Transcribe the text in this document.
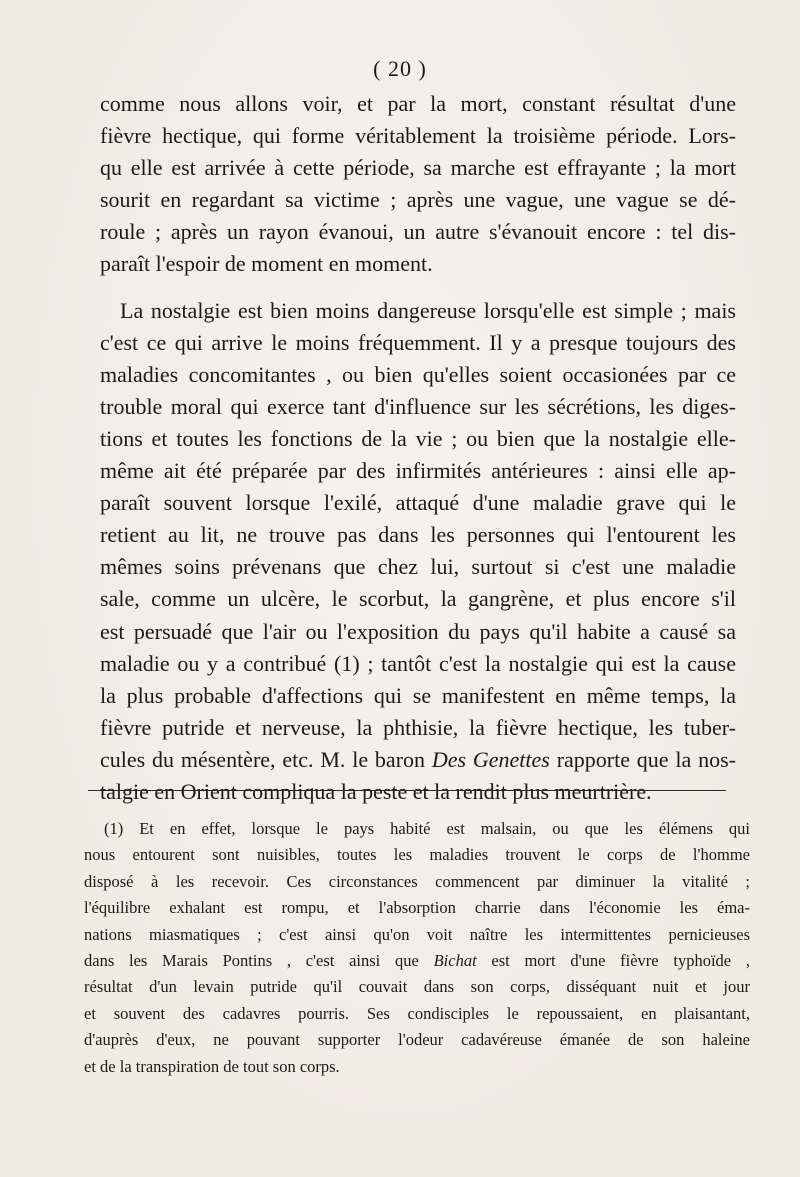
( 20 )
comme nous allons voir, et par la mort, constant résultat d'une
fièvre hectique, qui forme véritablement la troisième période. Lors-
qu elle est arrivée à cette période, sa marche est effrayante ; la mort
sourit en regardant sa victime ; après une vague, une vague se dé-
roule ; après un rayon évanoui, un autre s'évanouit encore : tel dis-
paraît l'espoir de moment en moment.
La nostalgie est bien moins dangereuse lorsqu'elle est simple ; mais
c'est ce qui arrive le moins fréquemment. Il y a presque toujours des
maladies concomitantes , ou bien qu'elles soient occasionées par ce
trouble moral qui exerce tant d'influence sur les sécrétions, les diges-
tions et toutes les fonctions de la vie ; ou bien que la nostalgie elle-
même ait été préparée par des infirmités antérieures : ainsi elle ap-
paraît souvent lorsque l'exilé, attaqué d'une maladie grave qui le
retient au lit, ne trouve pas dans les personnes qui l'entourent les
mêmes soins prévenans que chez lui, surtout si c'est une maladie
sale, comme un ulcère, le scorbut, la gangrène, et plus encore s'il
est persuadé que l'air ou l'exposition du pays qu'il habite a causé sa
maladie ou y a contribué (1) ; tantôt c'est la nostalgie qui est la cause
la plus probable d'affections qui se manifestent en même temps, la
fièvre putride et nerveuse, la phthisie, la fièvre hectique, les tuber-
cules du mésentère, etc. M. le baron Des Genettes rapporte que la nos-
talgie en Orient compliqua la peste et la rendit plus meurtrière.
(1) Et en effet, lorsque le pays habité est malsain, ou que les élémens qui
nous entourent sont nuisibles, toutes les maladies trouvent le corps de l'homme
disposé à les recevoir. Ces circonstances commencent par diminuer la vitalité ;
l'équilibre exhalant est rompu, et l'absorption charrie dans l'économie les éma-
nations miasmatiques ; c'est ainsi qu'on voit naître les intermittentes pernicieuses
dans les Marais Pontins , c'est ainsi que Bichat est mort d'une fièvre typhoïde ,
résultat d'un levain putride qu'il couvait dans son corps, disséquant nuit et jour
et souvent des cadavres pourris. Ses condisciples le repoussaient, en plaisantant,
d'auprès d'eux, ne pouvant supporter l'odeur cadavéreuse émanée de son haleine
et de la transpiration de tout son corps.
